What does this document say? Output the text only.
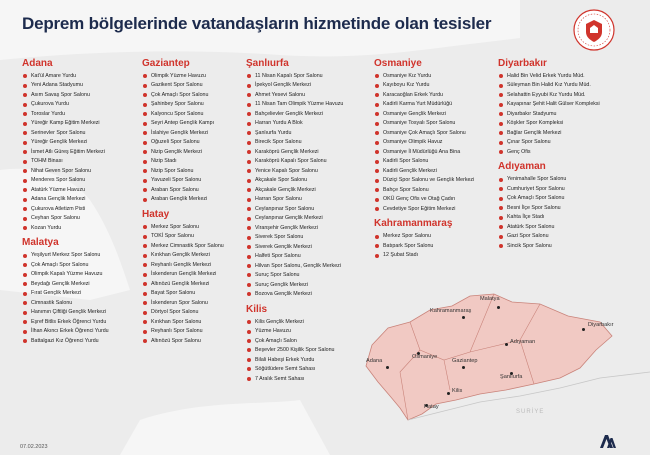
Deprem bölgelerinde vatandaşların hizmetinde olan tesisler
Adana
Kat'ül Amare Yurdu
Yeni Adana Stadyumu
Asım Savaş Spor Salonu
Çukurova Yurdu
Toroslar Yurdu
Yüreğir Kamp Eğitim Merkezi
Serinevler Spor Salonu
Yüreğir Gençlik Merkezi
İsmet Atlı Güreş Eğitim Merkezi
TOHM Binası
Nihat Geven Spor Salonu
Menderes Spor Salonu
Atatürk Yüzme Havuzu
Adana Gençlik Merkezi
Çukurova Atletizm Pisti
Ceyhan Spor Salonu
Kozan Yurdu
Malatya
Yeşilyurt Merkez Spor Salonu
Çok Amaçlı Spor Salonu
Olimpik Kapalı Yüzme Havuzu
Beydağı Gençlik Merkezi
Fırat Gençlik Merkezi
Cimnastik Salonu
Hanımın Çiftliği Gençlik Merkezi
Eşref Bitlis Erkek Öğrenci Yurdu
İlhan Akıncı Erkek Öğrenci Yurdu
Battalgazi Kız Öğrenci Yurdu
Gaziantep
Olimpik Yüzme Havuzu
Gazikent Spor Salonu
Çok Amaçlı Spor Salonu
Şahinbey Spor Salonu
Kalyoncu Spor Salonu
Seyri Antep Gençlik Kampı
İslahiye Gençlik Merkezi
Oğuzeli Spor Salonu
Nizip Gençlik Merkezi
Nizip Stadı
Nizip Spor Salonu
Yavuzeli Spor Salonu
Araban Spor Salonu
Araban Gençlik Merkezi
Hatay
Merkez Spor Salonu
TOKİ Spor Salonu
Merkez Cimnastik Spor Salonu
Kırıkhan Gençlik Merkezi
Reyhanlı Gençlik Merkezi
İskenderun Gençlik Merkezi
Altınözü Gençlik Merkezi
Bayat Spor Salonu
İskenderun Spor Salonu
Dörtyol Spor Salonu
Kırıkhan Spor Salonu
Reyhanlı Spor Salonu
Altınözü Spor Salonu
Şanlıurfa
11 Nisan Kapalı Spor Salonu
İpekyol Gençlik Merkezi
Ahmet Yesevi Salonu
11 Nisan Tam Olimpik Yüzme Havuzu
Bahçelievler Gençlik Merkezi
Harran Yurdu A Blok
Şanlıurfa Yurdu
Birecik Spor Salonu
Karaköprü Gençlik Merkezi
Karaköprü Kapalı Spor Salonu
Yenice Kapalı Spor Salonu
Akçakale Spor Salonu
Akçakale Gençlik Merkezi
Harran Spor Salonu
Ceylanpınar Spor Salonu
Ceylanpınar Gençlik Merkezi
Viranşehir Gençlik Merkezi
Siverek Spor Salonu
Siverek Gençlik Merkezi
Halfeti Spor Salonu
Hilvan Spor Salonu, Gençlik Merkezi
Suruç Spor Salonu
Suruç Gençlik Merkezi
Bozova Gençlik Merkezi
Kilis
Kilis Gençlik Merkezi
Yüzme Havuzu
Çok Amaçlı Salon
Beşevler 2500 Kişilik Spor Salonu
Bilali Habeşi Erkek Yurdu
Söğütlüdere Semt Sahası
7 Aralık Semt Sahası
Osmaniye
Osmaniye Kız Yurdu
Kayıboyu Kız Yurdu
Karacaoğlan Erkek Yurdu
Kadirli Karma Yurt Müdürlüğü
Osmaniye Gençlik Merkezi
Osmaniye Tosyalı Spor Salonu
Osmaniye Çok Amaçlı Spor Salonu
Osmaniye Olimpik Havuz
Osmaniye İl Müdürlüğü Ana Bina
Kadirli Spor Salonu
Kadirli Gençlik Merkezi
Düziçi Spor Salonu ve Gençlik Merkezi
Bahçe Spor Salonu
OKÜ Genç Ofis ve Otağ Çadırı
Cevdetiye Spor Eğitim Merkezi
Kahramanmaraş
Merkez Spor Salonu
Batıpark Spor Salonu
12 Şubat Stadı
Diyarbakır
Halid Bin Velid Erkek Yurdu Müd.
Süleyman Bin Halid Kız Yurdu Müd.
Selahattin Eyyubi Kız Yurdu Müd.
Kayapınar Şehit Halit Gülser Kompleksi
Diyarbakır Stadyumu
Köşkler Spor Kompleksi
Bağlar Gençlik Merkezi
Çınar Spor Salonu
Genç Ofis
Adıyaman
Yenimahalle Spor Salonu
Cumhuriyet Spor Salonu
Çok Amaçlı Spor Salonu
Besni İlçe Spor Salonu
Kahta İlçe Stadı
Atatürk Spor Salonu
Gazi Spor Salonu
Sincik Spor Salonu
Malatya
Kahramanmaraş
Diyarbakır
Osmaniye
Adıyaman
Adana	Gaziantep
Şanlıurfa
Kilis
Hatay
SURİYE
07.02.2023
